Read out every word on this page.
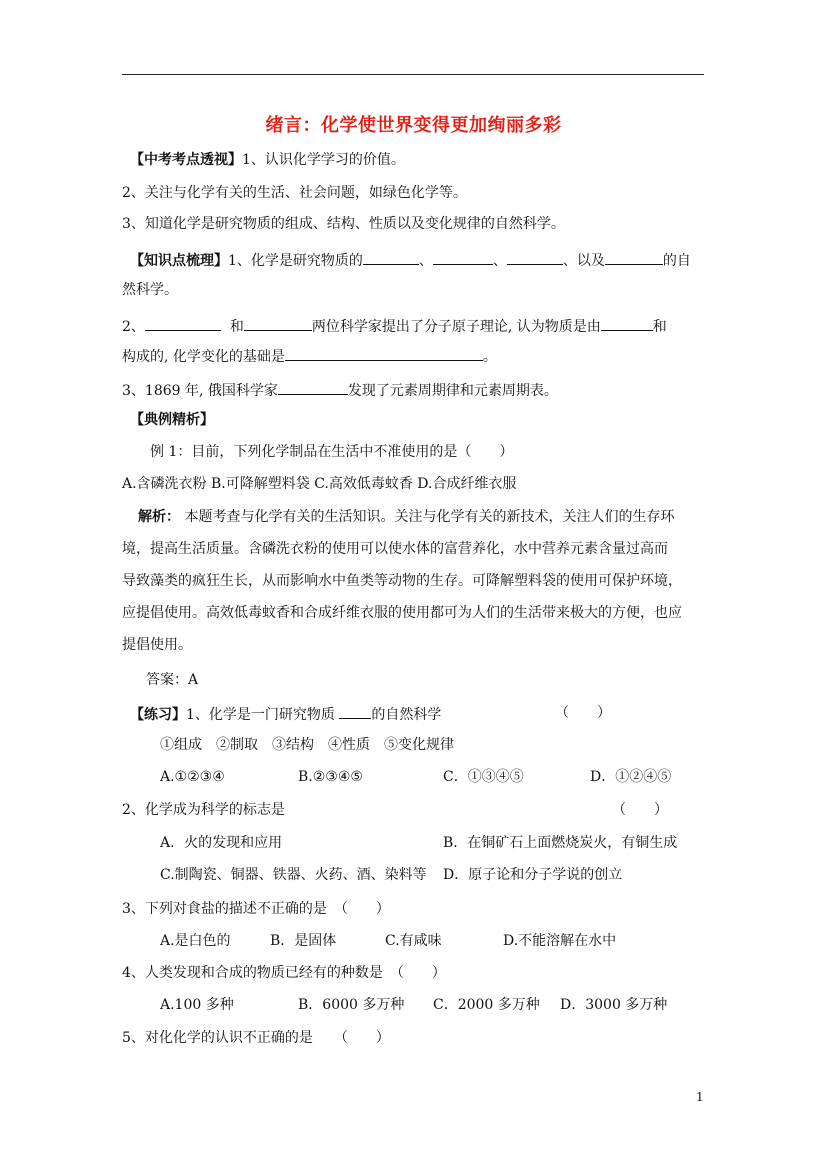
绪言：化学使世界变得更加绚丽多彩
【中考考点透视】1、认识化学学习的价值。
2、关注与化学有关的生活、社会问题，如绿色化学等。
3、知道化学是研究物质的组成、结构、性质以及变化规律的自然科学。
【知识点梳理】1、化学是研究物质的	、	、	、以及	的自
然科学。
2、	和	两位科学家提出了分子原子理论, 认为物质是由	和
构成的, 化学变化的基础是	。
3、1869 年, 俄国科学家	发现了元素周期律和元素周期表。
【典例精析】
例 1：目前，下列化学制品在生活中不准使用的是（　　）
A.含磷洗衣粉 B.可降解塑料袋 C.高效低毒蚊香 D.合成纤维衣服
解析： 本题考查与化学有关的生活知识。关注与化学有关的新技术，关注人们的生存环
境，提高生活质量。含磷洗衣粉的使用可以使水体的富营养化，水中营养元素含量过高而
导致藻类的疯狂生长，从而影响水中鱼类等动物的生存。可降解塑料袋的使用可保护环境，
应提倡使用。高效低毒蚊香和合成纤维衣服的使用都可为人们的生活带来极大的方便，也应
提倡使用。
答案：A
【练习】1、化学是一门研究物质 的自然科学	（　　）
①组成　②制取　③结构　④性质　⑤变化规律
A.①②③④	B.②③④⑤	C．①③④⑤	D．①②④⑤
2、化学成为科学的标志是	（　　）
A．火的发现和应用	B．在铜矿石上面燃烧炭火，有铜生成
C.制陶瓷、铜器、铁器、火药、酒、染料等 D．原子论和分子学说的创立
3、下列对食盐的描述不正确的是　（　　）
A.是白色的	B．是固体	C.有咸味	D.不能溶解在水中
4、人类发现和合成的物质已经有的种数是　（　　）
A.100 多种	B．6000 多万种 C．2000 多万种 D．3000 多万种
5、对化化学的认识不正确的是　　（　　）
1
